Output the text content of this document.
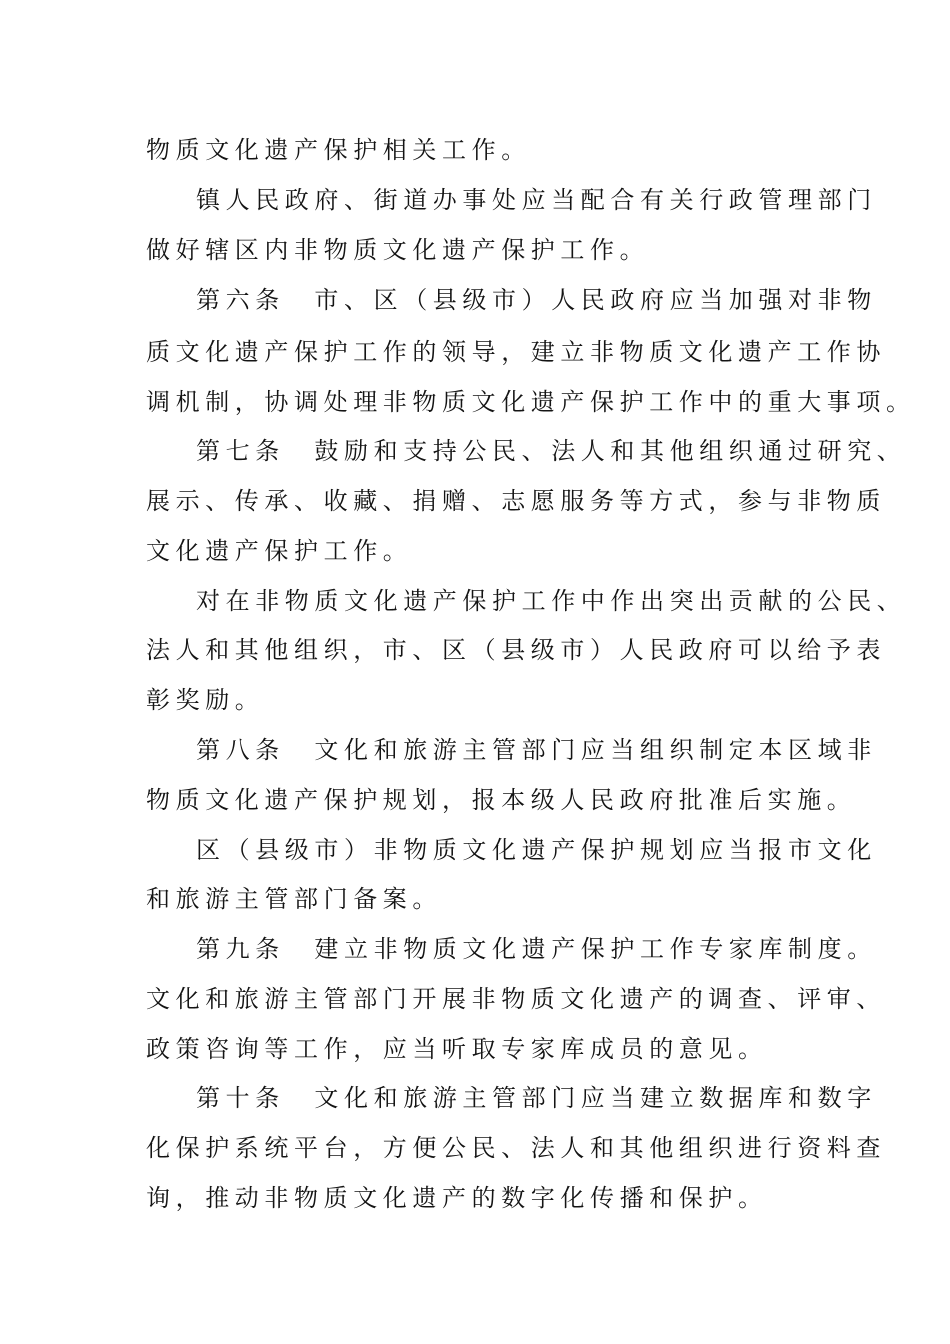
物质文化遗产保护相关工作。
镇人民政府、街道办事处应当配合有关行政管理部门
做好辖区内非物质文化遗产保护工作。
第六条　市、区（县级市）人民政府应当加强对非物
质文化遗产保护工作的领导，建立非物质文化遗产工作协
调机制，协调处理非物质文化遗产保护工作中的重大事项。
第七条　鼓励和支持公民、法人和其他组织通过研究、
展示、传承、收藏、捐赠、志愿服务等方式，参与非物质
文化遗产保护工作。
对在非物质文化遗产保护工作中作出突出贡献的公民、
法人和其他组织，市、区（县级市）人民政府可以给予表
彰奖励。
第八条　文化和旅游主管部门应当组织制定本区域非
物质文化遗产保护规划，报本级人民政府批准后实施。
区（县级市）非物质文化遗产保护规划应当报市文化
和旅游主管部门备案。
第九条　建立非物质文化遗产保护工作专家库制度。
文化和旅游主管部门开展非物质文化遗产的调查、评审、
政策咨询等工作，应当听取专家库成员的意见。
第十条　文化和旅游主管部门应当建立数据库和数字
化保护系统平台，方便公民、法人和其他组织进行资料查
询，推动非物质文化遗产的数字化传播和保护。
